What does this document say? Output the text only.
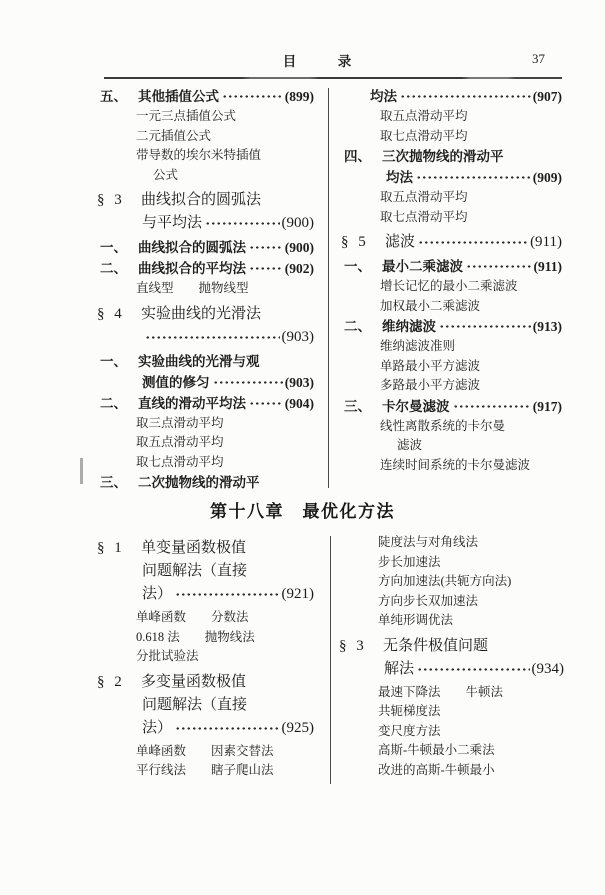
目　录	37
五、 其他插值公式	(899)
一元三点插值公式
二元插值公式
带导数的埃尔米特插值
公式
§ 3	曲线拟合的圆弧法
与平均法	(900)
一、 曲线拟合的圆弧法	(900)
二、 曲线拟合的平均法	(902)
直线型　　抛物线型
§ 4	实验曲线的光滑法
(903)
一、 实验曲线的光滑与观
测值的修匀	(903)
二、 直线的滑动平均法	(904)
取三点滑动平均
取五点滑动平均
取七点滑动平均
三、 二次抛物线的滑动平
均法	(907)
取五点滑动平均
取七点滑动平均
四、 三次抛物线的滑动平
均法	(909)
取五点滑动平均
取七点滑动平均
§ 5	滤波	(911)
一、 最小二乘滤波	(911)
增长记忆的最小二乘滤波
加权最小二乘滤波
二、 维纳滤波	(913)
维纳滤波准则
单路最小平方滤波
多路最小平方滤波
三、 卡尔曼滤波	(917)
线性离散系统的卡尔曼
滤波
连续时间系统的卡尔曼滤波
第十八章　最优化方法
§ 1	单变量函数极值
问题解法（直接
法）	(921)
单峰函数　　分数法
0.618 法　　抛物线法
分批试验法
§ 2	多变量函数极值
问题解法（直接
法）	(925)
单峰函数　　因素交替法
平行线法　　瞎子爬山法
陡度法与对角线法
步长加速法
方向加速法(共轭方向法)
方向步长双加速法
单纯形调优法
§ 3	无条件极值问题
解法	(934)
最速下降法　　牛顿法
共轭梯度法
变尺度方法
高斯-牛顿最小二乘法
改进的高斯-牛顿最小
